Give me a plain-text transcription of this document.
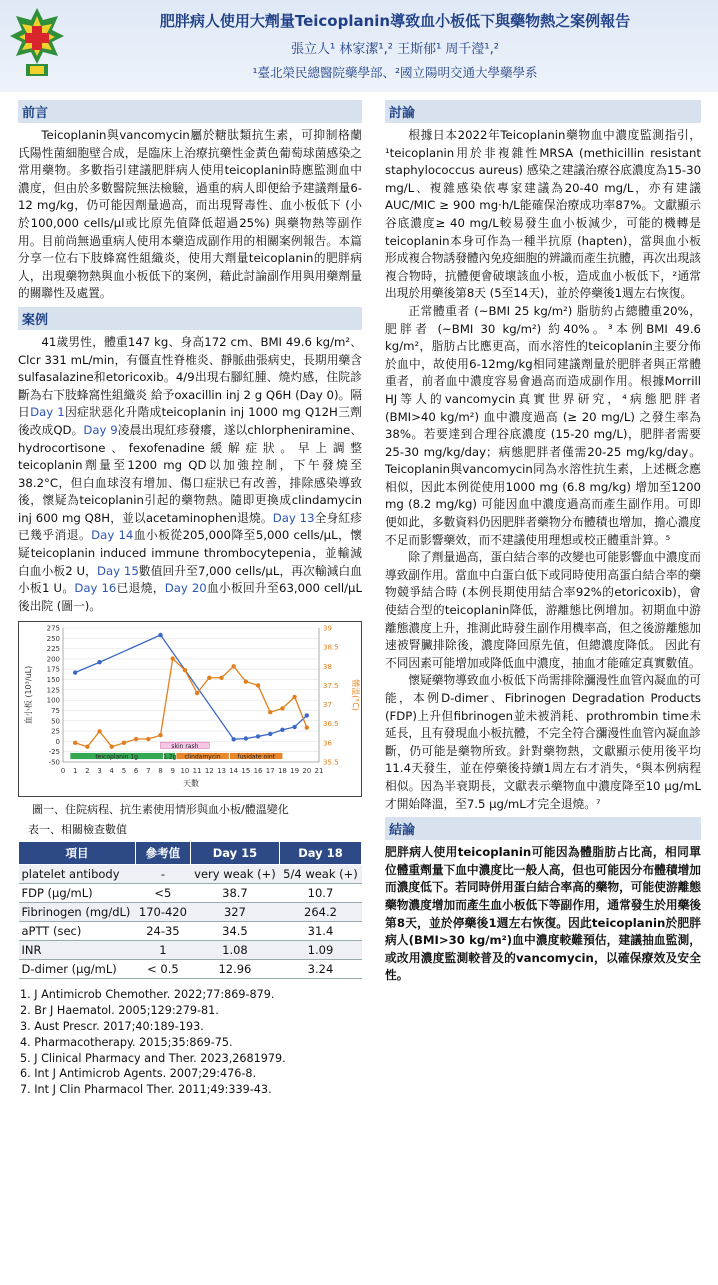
肥胖病人使用大劑量Teicoplanin導致血小板低下與藥物熱之案例報告
張立人¹ 林家潔¹,² 王斯郁¹ 周千瀅¹,²
¹臺北榮民總醫院藥學部、²國立陽明交通大學藥學系
前言

Teicoplanin與vancomycin屬於糖肽類抗生素，可抑制格蘭氏陽性菌細胞壁合成，是臨床上治療抗藥性金黃色葡萄球菌感染之常用藥物。多數指引建議肥胖病人使用teicoplanin時應監測血中濃度，但由於多數醫院無法檢驗，過重的病人即便給予建議劑量6-12 mg/kg，仍可能因劑量過高，而出現腎毒性、血小板低下 (小於100,000 cells/μl或比原先值降低超過25%) 與藥物熱等副作用。目前尚無過重病人使用本藥造成副作用的相關案例報告。本篇分享一位右下肢蜂窩性組織炎，使用大劑量teicoplanin的肥胖病人，出現藥物熱與血小板低下的案例，藉此討論副作用與用藥劑量的關聯性及處置。

案例

41歲男性，體重147 kg、身高172 cm、BMI 49.6 kg/m²、Clcr 331 mL/min，有僵直性脊椎炎、靜脈曲張病史，長期用藥含sulfasalazine和etoricoxib。4/9出現右腳紅腫、燒灼感，住院診斷為右下肢蜂窩性組織炎 給予oxacillin inj 2 g Q6H (Day 0)。隔日Day 1因症狀惡化升階成teicoplanin inj 1000 mg Q12H三劑後改成QD。Day 9凌晨出現紅疹發癢，遂以chlorpheniramine、hydrocortisone、fexofenadine緩解症狀。早上調整teicoplanin劑量至1200 mg QD以加強控制，下午發燒至38.2°C，但白血球沒有增加、傷口症狀已有改善，排除感染導致後，懷疑為teicoplanin引起的藥物熱。隨即更換成clindamycin inj 600 mg Q8H，並以acetaminophen退燒。Day 13全身紅疹已幾乎消退。Day 14血小板從205,000降至5,000 cells/μL，懷疑teicoplanin induced immune thrombocytepenia，並輸減白血小板2 U，Day 15數值回升至7,000 cells/μL，再次輸減白血小板1 U。Day 16已退燒，Day 20血小板回升至63,000 cell/μL後出院 (圖一)。

275
250
225
200
175
150
125
100
75
50
25
0
-25
-50
39
38.5
38
37.5
37
36.5
36
35.5
0 1 2 3 4 5 6 7 8 9 10 11 12 13 14 15 16 17 18 19 20 21
天數
血小板 (10³/uL)	體溫(°C)
teicoplanin 1g	1.2g clindamycin	fusidate oint
skin rash
圖一、住院病程、抗生素使用情形與血小板/體溫變化
表一、相關檢查數值
項目	參考值	Day 15	Day 18
platelet antibody	-	very weak (+)	5/4 weak (+)
FDP (μg/mL)	<5	38.7	10.7
Fibrinogen (mg/dL)	170-420	327	264.2
aPTT (sec)	24-35	34.5	31.4
INR	1	1.08	1.09
D-dimer (μg/mL)	< 0.5	12.96	3.24
1. J Antimicrob Chemother. 2022;77:869-879.
2. Br J Haematol. 2005;129:279-81.
3. Aust Prescr. 2017;40:189-193.
4. Pharmacotherapy. 2015;35:869-75.
5. J Clinical Pharmacy and Ther. 2023,2681979.
6. Int J Antimicrob Agents. 2007;29:476-8.
7. Int J Clin Pharmacol Ther. 2011;49:339-43.
討論

根據日本2022年Teicoplanin藥物血中濃度監測指引，¹teicoplanin用於非複雜性MRSA (methicillin resistant staphylococcus aureus) 感染之建議治療谷底濃度為15-30 mg/L、複雜感染依專家建議為20-40 mg/L，亦有建議AUC/MIC ≥ 900 mg·h/L能確保治療成功率87%。文獻顯示谷底濃度≥ 40 mg/L較易發生血小板減少，可能的機轉是teicoplanin本身可作為一種半抗原 (hapten)，當與血小板形成複合物誘發體內免疫細胞的辨識而產生抗體，再次出現該複合物時，抗體便會破壞該血小板，造成血小板低下，²通常出現於用藥後第8天 (5至14天)，並於停藥後1週左右恢復。

正常體重者 (~BMI 25 kg/m²) 脂肪約占總體重20%，肥胖者 (~BMI 30 kg/m²) 約40%。³本例BMI 49.6 kg/m²，脂肪占比應更高，而水溶性的teicoplanin主要分佈於血中，故使用6-12mg/kg相同建議劑量於肥胖者與正常體重者，前者血中濃度容易會過高而造成副作用。根據Morrill HJ等人的vancomycin真實世界研究，⁴病態肥胖者 (BMI>40 kg/m²) 血中濃度過高 (≥ 20 mg/L) 之發生率為38%。若要達到合理谷底濃度 (15-20 mg/L)，肥胖者需要25-30 mg/kg/day；病態肥胖者僅需20-25 mg/kg/day。Teicoplanin與vancomycin同為水溶性抗生素，上述概念應相似，因此本例從使用1000 mg (6.8 mg/kg) 增加至1200 mg (8.2 mg/kg) 可能因血中濃度過高而產生副作用。可即便如此，多數資料仍因肥胖者藥物分布體積也增加，擔心濃度不足而影響藥效，而不建議使用理想或校正體重計算。⁵

除了劑量過高，蛋白結合率的改變也可能影響血中濃度而導致副作用。當血中白蛋白低下或同時使用高蛋白結合率的藥物競爭結合時 (本例長期使用結合率92%的etoricoxib)，會使結合型的teicoplanin降低，游離態比例增加。初期血中游離態濃度上升，推測此時發生副作用機率高，但之後游離態加速被腎臟排除後，濃度降回原先值，但總濃度降低。 因此有不同因素可能增加或降低血中濃度，抽血才能確定真實數值。

懷疑藥物導致血小板低下尚需排除瀰漫性血管內凝血的可能，本例D-dimer、Fibrinogen Degradation Products (FDP)上升但fibrinogen並未被消耗、prothrombin time未延長，且有發現血小板抗體，不完全符合瀰漫性血管內凝血診斷，仍可能是藥物所致。針對藥物熱，文獻顯示使用後平均11.4天發生，並在停藥後持續1周左右才消失，⁶與本例病程相似。因為半衰期長，文獻表示藥物血中濃度降至10 μg/mL才開始降溫，至7.5 μg/mL才完全退燒。⁷

結論

肥胖病人使用teicoplanin可能因為體脂肪占比高，相同單位體重劑量下血中濃度比一般人高，但也可能因分布體積增加而濃度低下。若同時併用蛋白結合率高的藥物，可能使游離態藥物濃度增加而產生血小板低下等副作用，通常發生於用藥後第8天，並於停藥後1週左右恢復。因此teicoplanin於肥胖病人(BMI>30 kg/m²)血中濃度較難預估，建議抽血監測，或改用濃度監測較普及的vancomycin，以確保療效及安全性。
